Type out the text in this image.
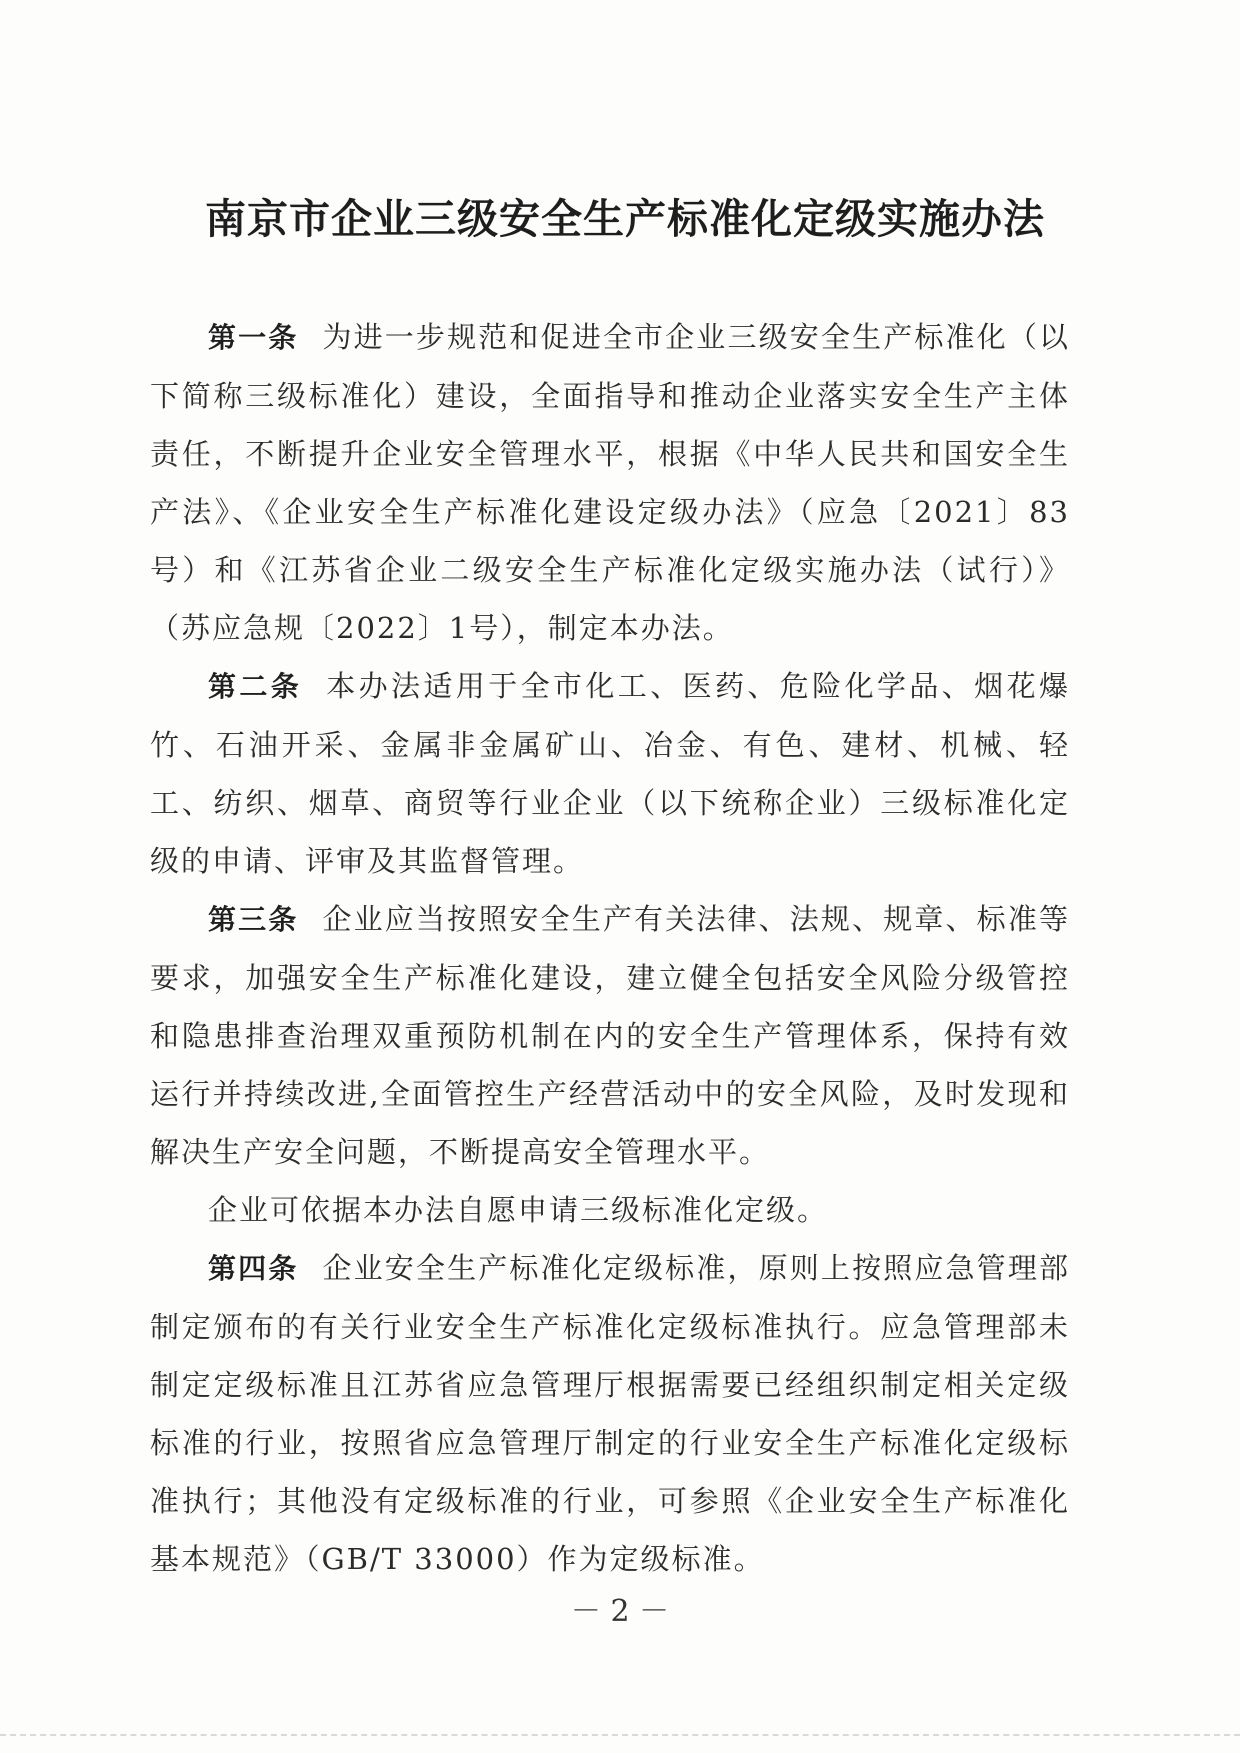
南京市企业三级安全生产标准化定级实施办法

第一条 为进一步规范和促进全市企业三级安全生产标准化（以下简称三级标准化）建设，全面指导和推动企业落实安全生产主体责任，不断提升企业安全管理水平，根据《中华人民共和国安全生产法》、《企业安全生产标准化建设定级办法》（应急〔2021〕83号）和《江苏省企业二级安全生产标准化定级实施办法（试行）》（苏应急规〔2022〕1号），制定本办法。

第二条 本办法适用于全市化工、医药、危险化学品、烟花爆竹、石油开采、金属非金属矿山、冶金、有色、建材、机械、轻工、纺织、烟草、商贸等行业企业（以下统称企业）三级标准化定级的申请、评审及其监督管理。

第三条 企业应当按照安全生产有关法律、法规、规章、标准等要求，加强安全生产标准化建设，建立健全包括安全风险分级管控和隐患排查治理双重预防机制在内的安全生产管理体系，保持有效运行并持续改进,全面管控生产经营活动中的安全风险，及时发现和解决生产安全问题，不断提高安全管理水平。

企业可依据本办法自愿申请三级标准化定级。

第四条 企业安全生产标准化定级标准，原则上按照应急管理部制定颁布的有关行业安全生产标准化定级标准执行。应急管理部未制定定级标准且江苏省应急管理厅根据需要已经组织制定相关定级标准的行业，按照省应急管理厅制定的行业安全生产标准化定级标准执行；其他没有定级标准的行业，可参照《企业安全生产标准化基本规范》（GB/T 33000）作为定级标准。

－ 2 －
